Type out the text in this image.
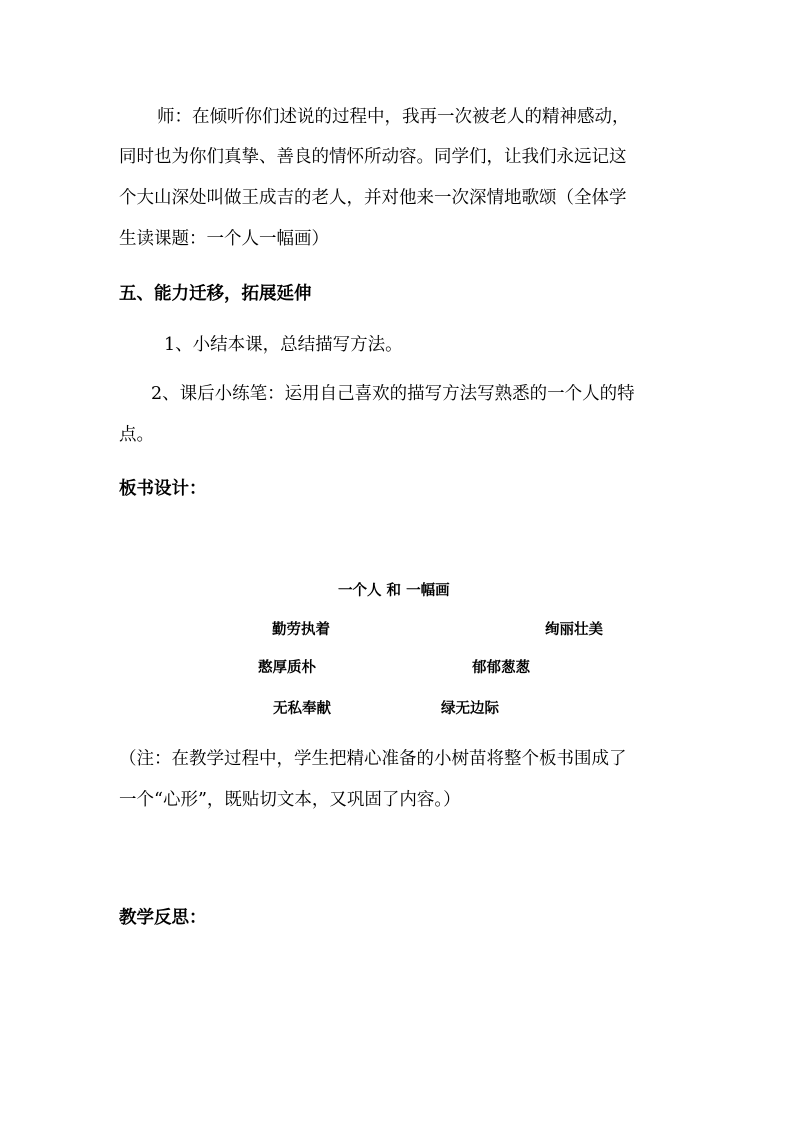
师：在倾听你们述说的过程中，我再一次被老人的精神感动，
同时也为你们真挚、善良的情怀所动容。同学们，让我们永远记这
个大山深处叫做王成吉的老人，并对他来一次深情地歌颂（全体学
生读课题：一个人一幅画）
五、能力迁移，拓展延伸
1、小结本课，总结描写方法。
2、课后小练笔：运用自己喜欢的描写方法写熟悉的一个人的特
点。
板书设计：
一个人 和 一幅画
勤劳执着	绚丽壮美
憨厚质朴	郁郁葱葱
无私奉献	绿无边际
（注：在教学过程中，学生把精心准备的小树苗将整个板书围成了
一个“心形”，既贴切文本，又巩固了内容。）
教学反思：
